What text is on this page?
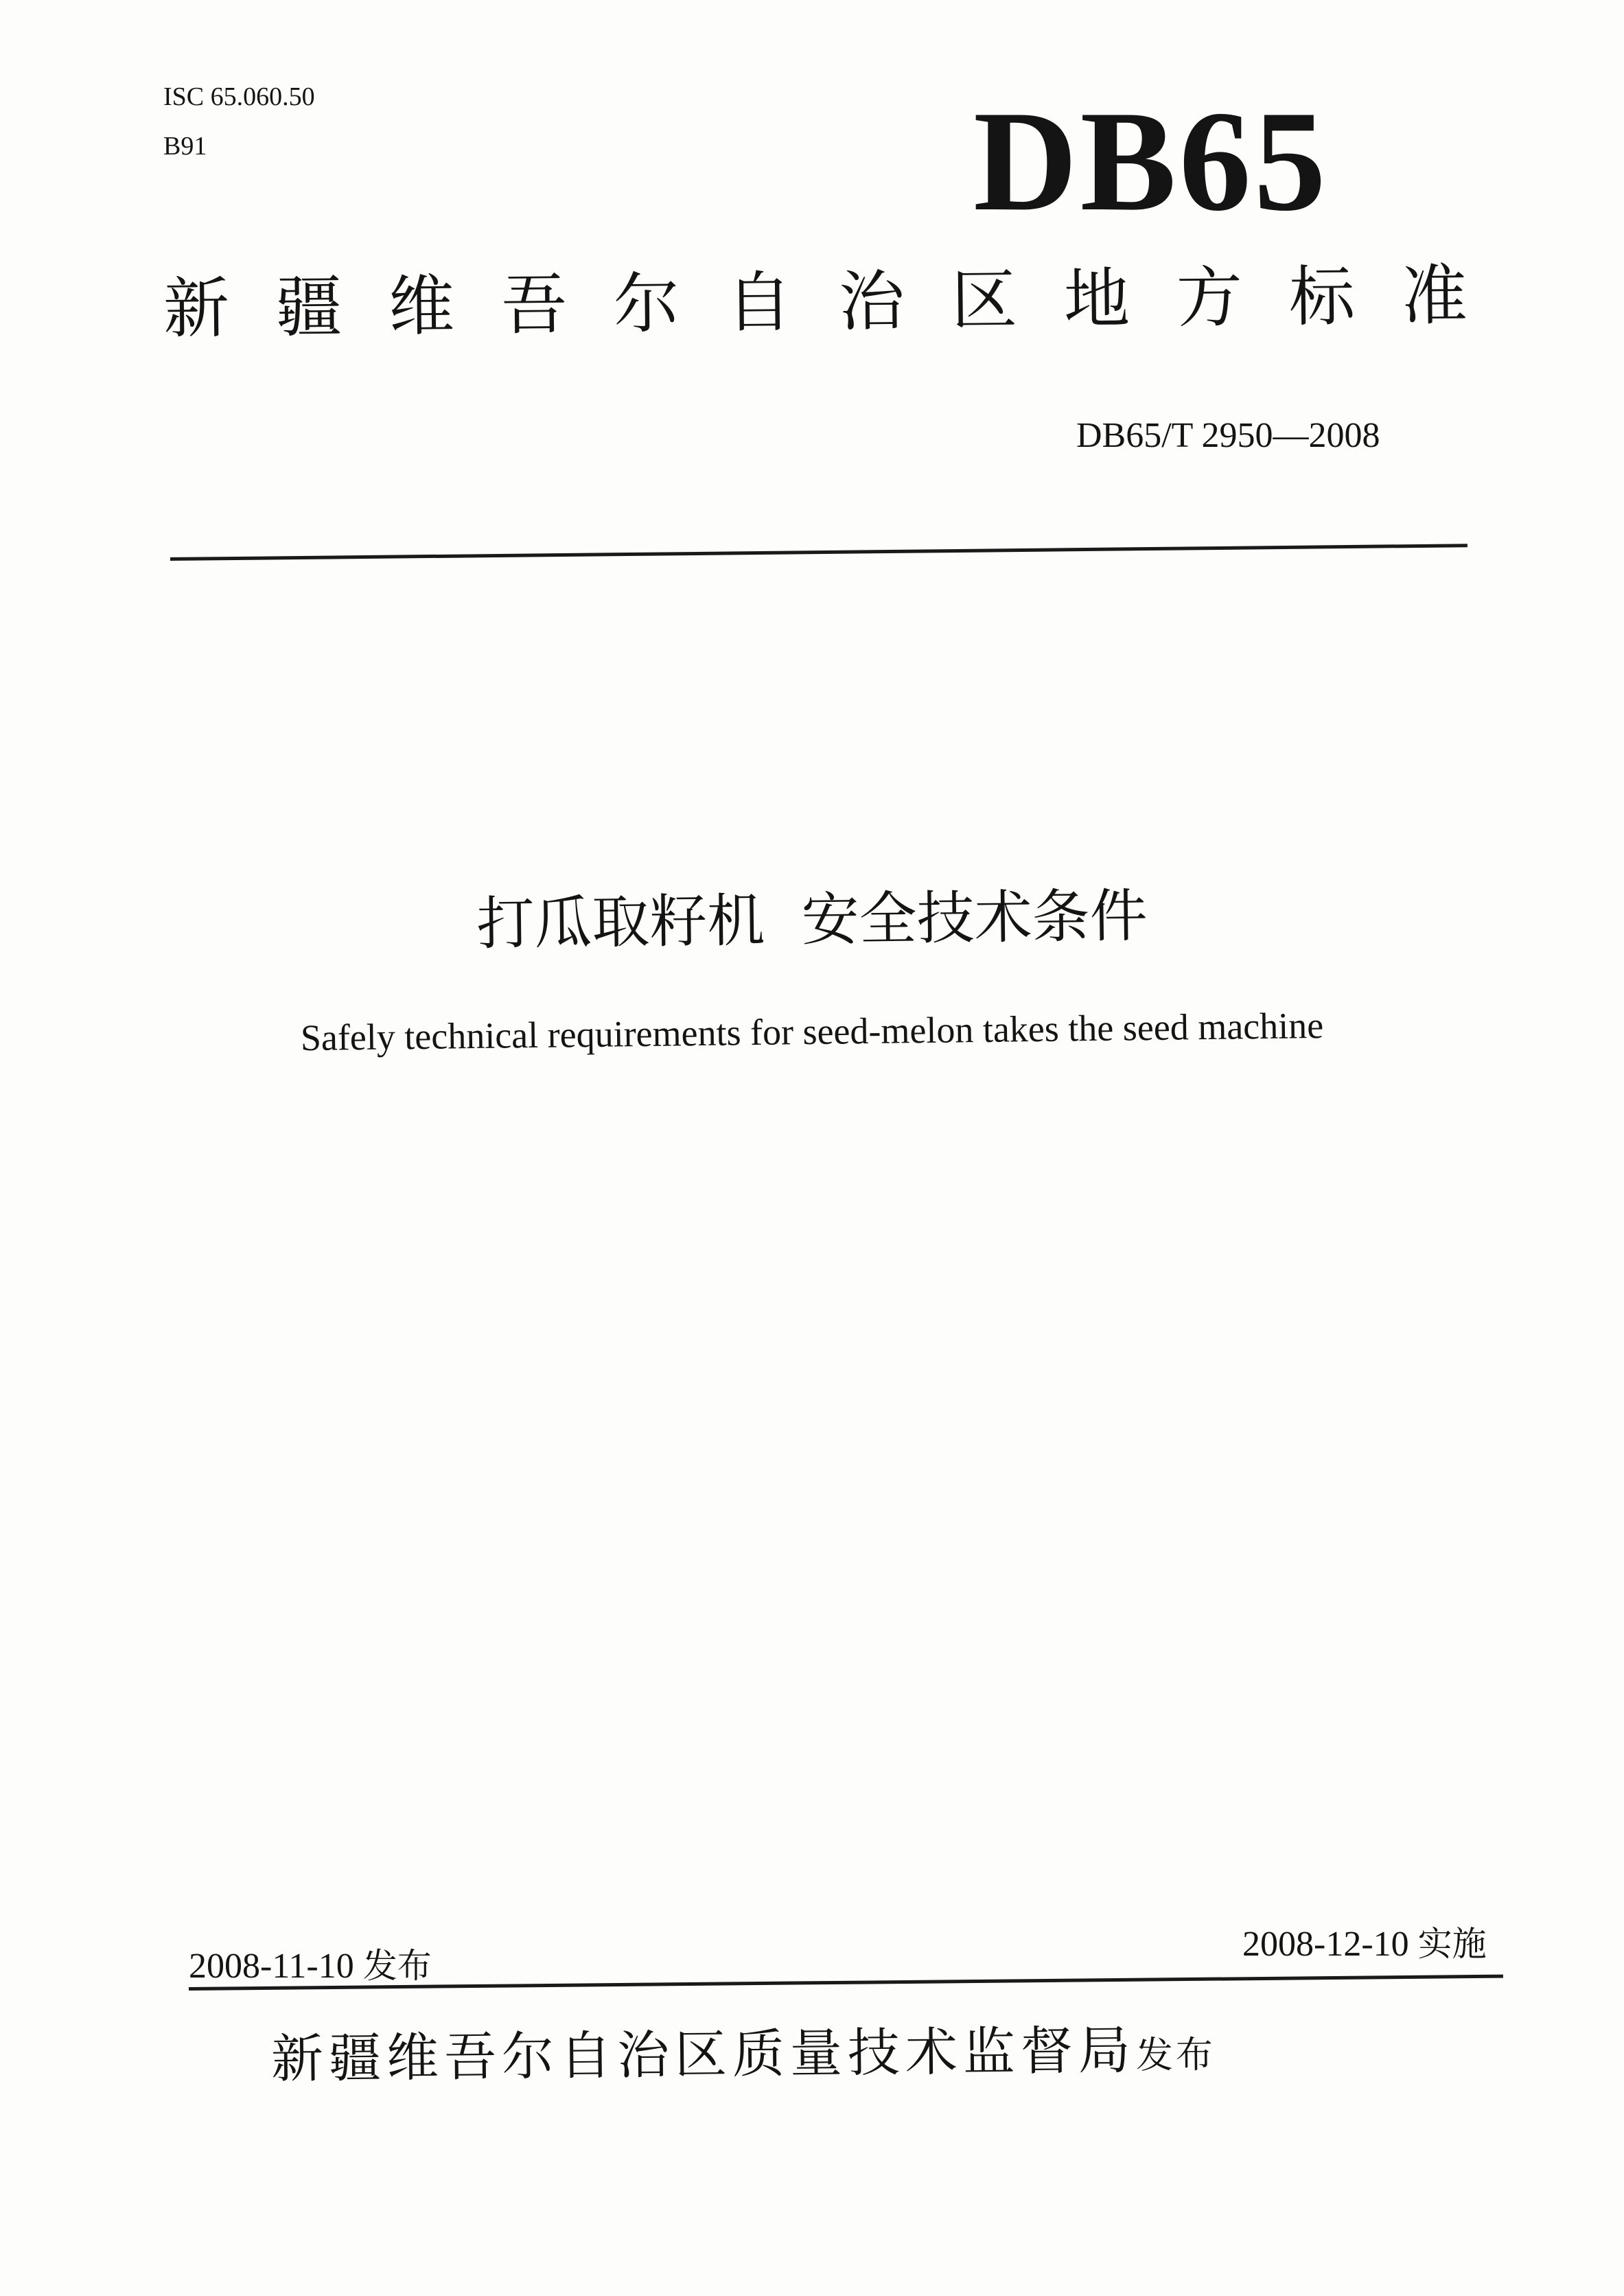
ISC 65.060.50
B91	DB65
新 疆 维 吾 尔 自 治 区 地 方 标 准
DB65/T 2950—2008
打瓜取籽机  安全技术条件
Safely technical requirements for seed-melon takes the seed machine
2008-11-10 发布
2008-12-10 实施
新疆维吾尔自治区质量技术监督局发布
